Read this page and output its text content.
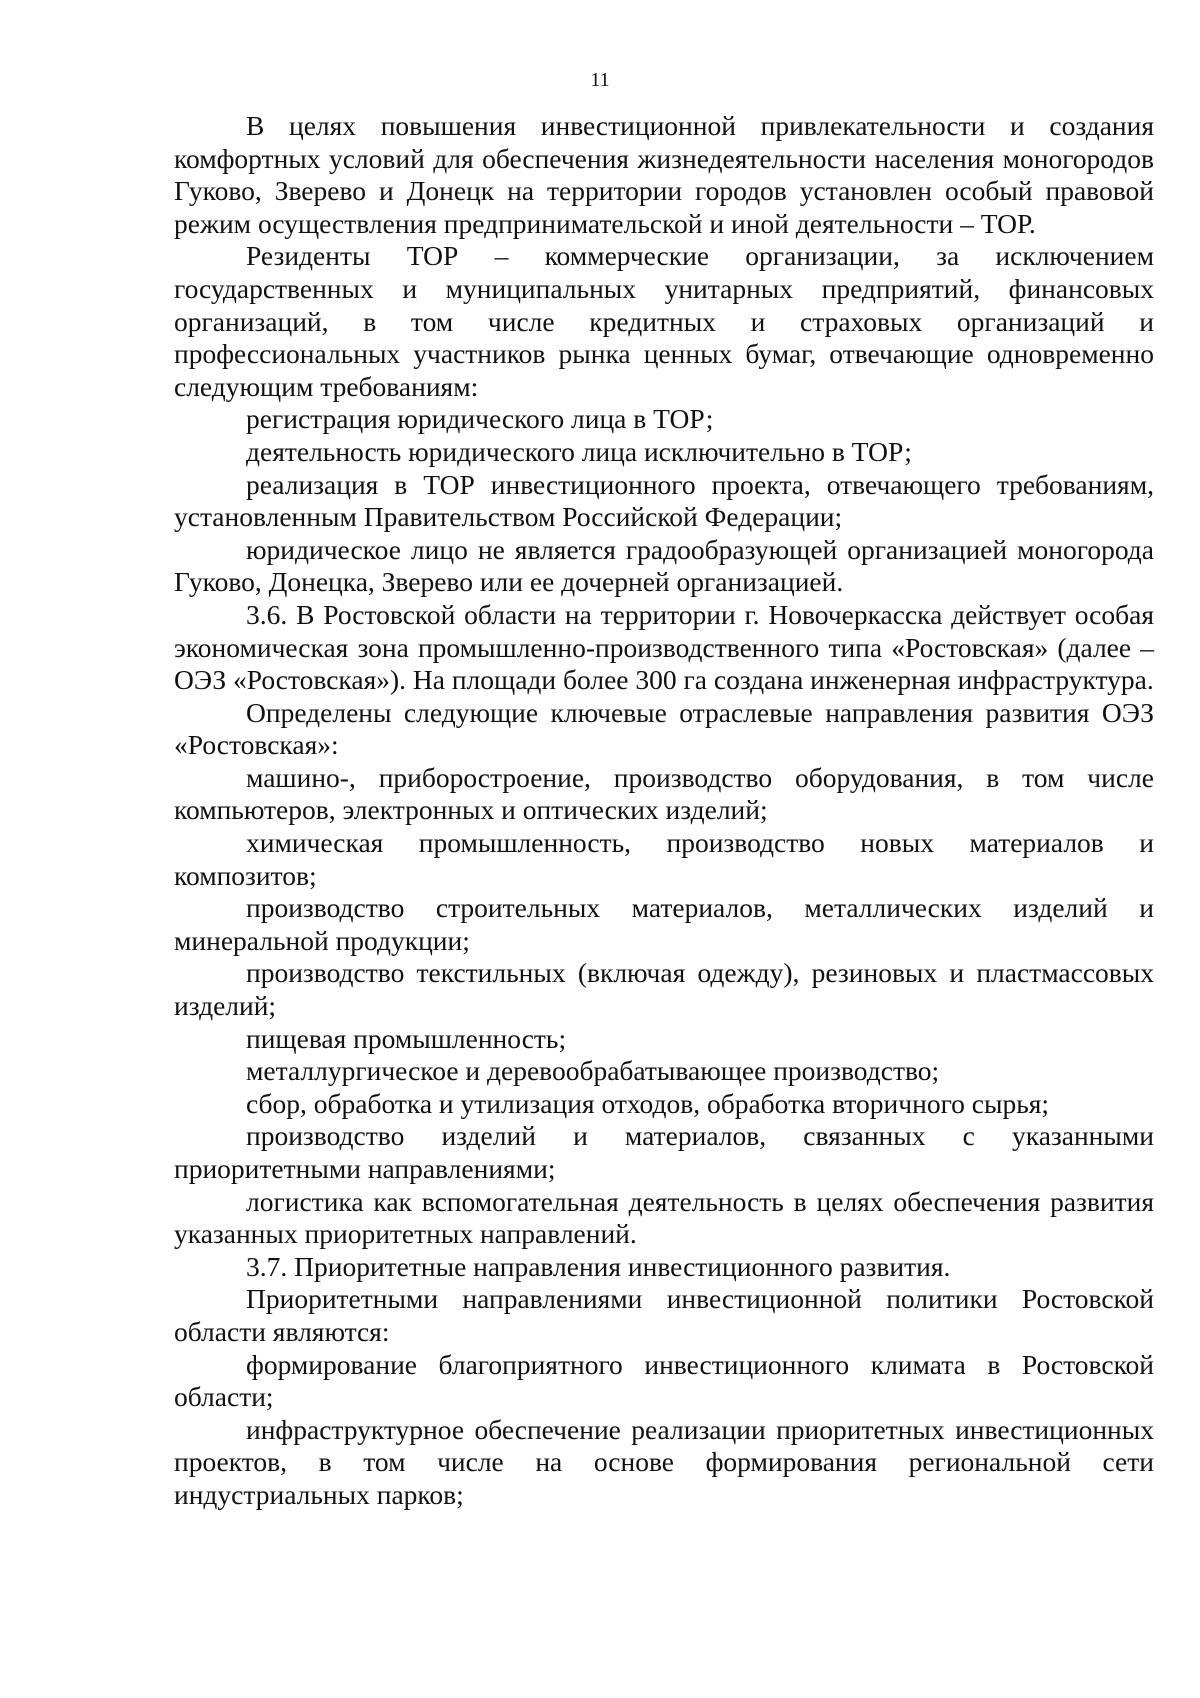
11

В целях повышения инвестиционной привлекательности и создания комфортных условий для обеспечения жизнедеятельности населения моногородов Гуково, Зверево и Донецк на территории городов установлен особый правовой режим осуществления предпринимательской и иной деятельности – ТОР.

Резиденты ТОР – коммерческие организации, за исключением государственных и муниципальных унитарных предприятий, финансовых организаций, в том числе кредитных и страховых организаций и профессиональных участников рынка ценных бумаг, отвечающие одновременно следующим требованиям:

регистрация юридического лица в ТОР;

деятельность юридического лица исключительно в ТОР;

реализация в ТОР инвестиционного проекта, отвечающего требованиям, установленным Правительством Российской Федерации;

юридическое лицо не является градообразующей организацией моногорода Гуково, Донецка, Зверево или ее дочерней организацией.

3.6. В Ростовской области на территории г. Новочеркасска действует особая экономическая зона промышленно-производственного типа «Ростовская» (далее – ОЭЗ «Ростовская»). На площади более 300 га создана инженерная инфраструктура.

Определены следующие ключевые отраслевые направления развития ОЭЗ «Ростовская»:

машино-, приборостроение, производство оборудования, в том числе компьютеров, электронных и оптических изделий;

химическая промышленность, производство новых материалов и композитов;

производство строительных материалов, металлических изделий и минеральной продукции;

производство текстильных (включая одежду), резиновых и пластмассовых изделий;

пищевая промышленность;

металлургическое и деревообрабатывающее производство;

сбор, обработка и утилизация отходов, обработка вторичного сырья;

производство изделий и материалов, связанных с указанными приоритетными направлениями;

логистика как вспомогательная деятельность в целях обеспечения развития указанных приоритетных направлений.

3.7. Приоритетные направления инвестиционного развития.

Приоритетными направлениями инвестиционной политики Ростовской области являются:

формирование благоприятного инвестиционного климата в Ростовской области;

инфраструктурное обеспечение реализации приоритетных инвестиционных проектов, в том числе на основе формирования региональной сети индустриальных парков;
